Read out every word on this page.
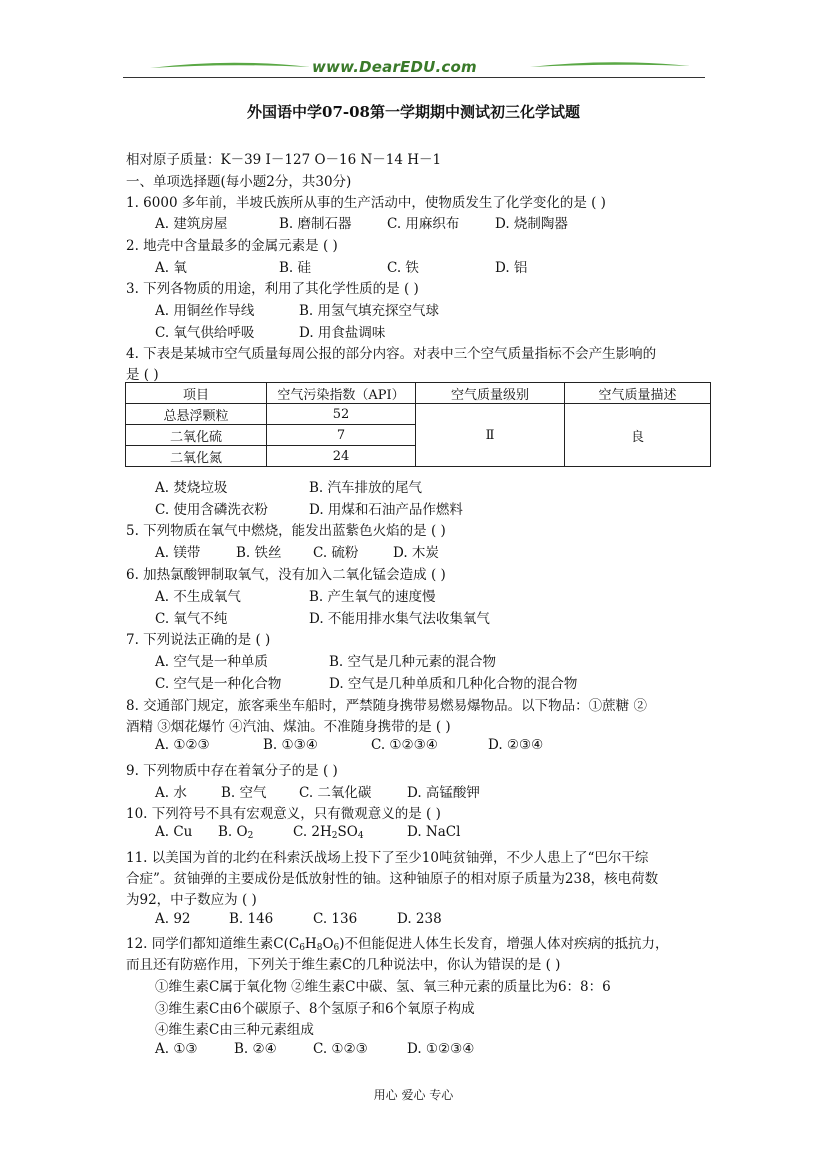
www.DearEDU.com
外国语中学07-08第一学期期中测试初三化学试题
相对原子质量：K－39 I－127 O－16 N－14 H－1
一、单项选择题(每小题2分，共30分)
1. 6000 多年前，半坡氏族所从事的生产活动中，使物质发生了化学变化的是 ( )
A. 建筑房屋	B. 磨制石器	C. 用麻织布	D. 烧制陶器
2. 地壳中含量最多的金属元素是 ( )
A. 氧	B. 硅	C. 铁	D. 铝
3. 下列各物质的用途，利用了其化学性质的是 ( )
A. 用铜丝作导线	B. 用氢气填充探空气球
C. 氧气供给呼吸	D. 用食盐调味
4. 下表是某城市空气质量每周公报的部分内容。对表中三个空气质量指标不会产生影响的
是 ( )
项目	空气污染指数（API）	空气质量级别	空气质量描述
总悬浮颗粒	52	Ⅱ	良
二氧化硫	7		
二氧化氮	24		
A. 焚烧垃圾	B. 汽车排放的尾气
C. 使用含磷洗衣粉	D. 用煤和石油产品作燃料
5. 下列物质在氧气中燃烧，能发出蓝紫色火焰的是 ( )
A. 镁带	B. 铁丝 C. 硫粉	D. 木炭
6. 加热氯酸钾制取氧气，没有加入二氧化锰会造成 ( )
A. 不生成氧气	B. 产生氧气的速度慢
C. 氧气不纯	D. 不能用排水集气法收集氧气
7. 下列说法正确的是 ( )
A. 空气是一种单质	B. 空气是几种元素的混合物
C. 空气是一种化合物	D. 空气是几种单质和几种化合物的混合物
8. 交通部门规定，旅客乘坐车船时，严禁随身携带易燃易爆物品。以下物品：①蔗糖 ②
酒精 ③烟花爆竹 ④汽油、煤油。不准随身携带的是 ( )
A. ①②③	B. ①③④	C. ①②③④	D. ②③④
9. 下列物质中存在着氧分子的是 ( )
A. 水	B. 空气 C. 二氧化碳	D. 高锰酸钾
10. 下列符号不具有宏观意义，只有微观意义的是 ( )
A. Cu B. $O_2$	C. $2H_2SO_4$	D. NaCl
11. 以美国为首的北约在科索沃战场上投下了至少10吨贫铀弹，不少人患上了“巴尔干综
合症”。贫铀弹的主要成份是低放射性的铀。这种铀原子的相对原子质量为238，核电荷数
为92，中子数应为 ( )
A. 92	B. 146	C. 136	D. 238
12. 同学们都知道维生素$C(C_6H_8O_6)$不但能促进人体生长发育，增强人体对疾病的抵抗力，
而且还有防癌作用，下列关于维生素C的几种说法中，你认为错误的是 ( )
①维生素C属于氧化物 ②维生素C中碳、氢、氧三种元素的质量比为6：8：6
③维生素C由6个碳原子、8个氢原子和6个氧原子构成
④维生素C由三种元素组成
A. ①③	B. ②④	C. ①②③	D. ①②③④
用心 爱心 专心
